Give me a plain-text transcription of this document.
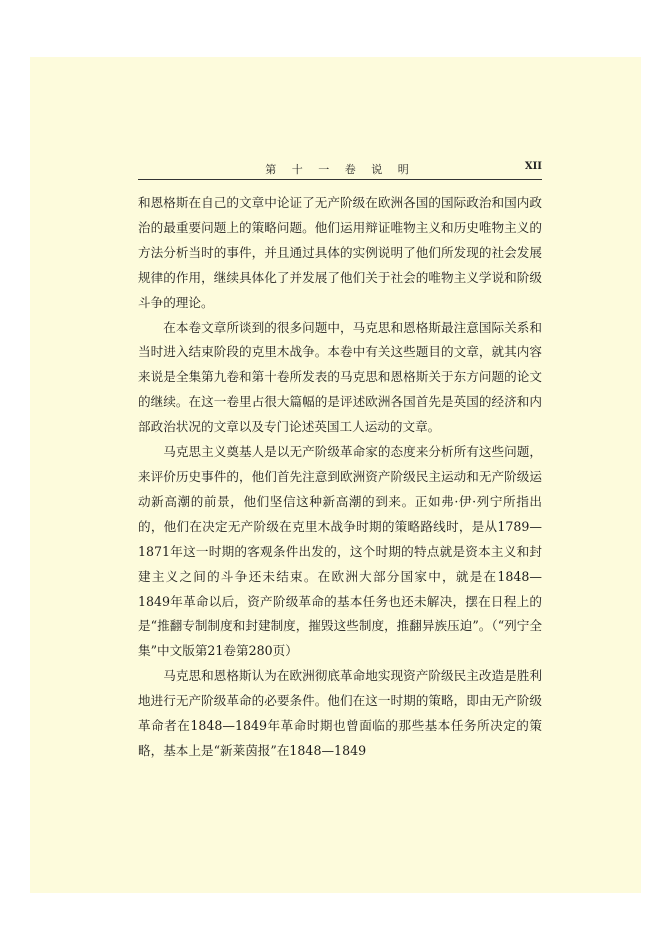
第 十 一 卷 说 明	XII

和恩格斯在自己的文章中论证了无产阶级在欧洲各国的国际政治和国内政治的最重要问题上的策略问题。他们运用辩证唯物主义和历史唯物主义的方法分析当时的事件，并且通过具体的实例说明了他们所发现的社会发展规律的作用，继续具体化了并发展了他们关于社会的唯物主义学说和阶级斗争的理论。

在本卷文章所谈到的很多问题中，马克思和恩格斯最注意国际关系和当时进入结束阶段的克里木战争。本卷中有关这些题目的文章，就其内容来说是全集第九卷和第十卷所发表的马克思和恩格斯关于东方问题的论文的继续。在这一卷里占很大篇幅的是评述欧洲各国首先是英国的经济和内部政治状况的文章以及专门论述英国工人运动的文章。

马克思主义奠基人是以无产阶级革命家的态度来分析所有这些问题，来评价历史事件的，他们首先注意到欧洲资产阶级民主运动和无产阶级运动新高潮的前景，他们坚信这种新高潮的到来。正如弗·伊·列宁所指出的，他们在决定无产阶级在克里木战争时期的策略路线时，是从1789—1871年这一时期的客观条件出发的，这个时期的特点就是资本主义和封建主义之间的斗争还未结束。在欧洲大部分国家中，就是在1848—1849年革命以后，资产阶级革命的基本任务也还未解决，摆在日程上的是“推翻专制制度和封建制度，摧毁这些制度，推翻异族压迫”。（“列宁全集”中文版第21卷第280页）

马克思和恩格斯认为在欧洲彻底革命地实现资产阶级民主改造是胜利地进行无产阶级革命的必要条件。他们在这一时期的策略，即由无产阶级革命者在1848—1849年革命时期也曾面临的那些基本任务所决定的策略，基本上是“新莱茵报”在1848—1849
